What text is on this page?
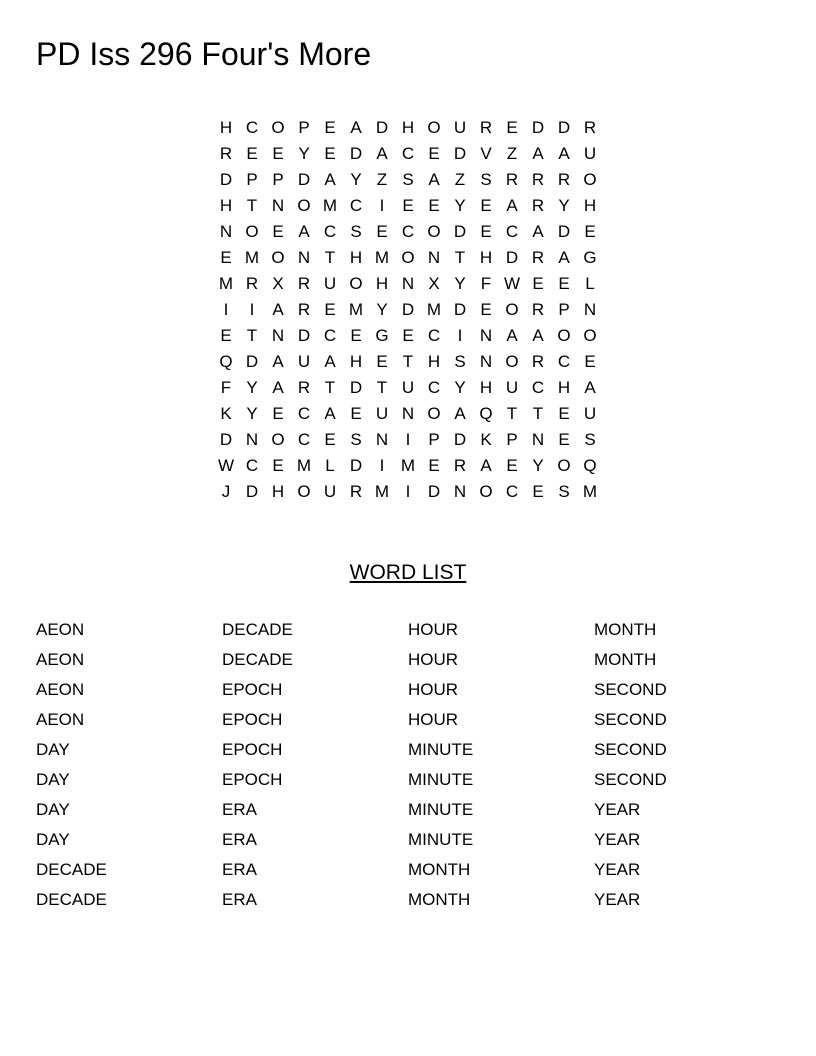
PD Iss 296 Four's More
H	C	O	P	E	A	D	H	O	U	R	E	D	D	R
R	E	E	Y	E	D	A	C	E	D	V	Z	A	A	U
D	P	P	D	A	Y	Z	S	A	Z	S	R	R	R	O
H	T	N	O	M	C	I	E	E	Y	E	A	R	Y	H
N	O	E	A	C	S	E	C	O	D	E	C	A	D	E
E	M	O	N	T	H	M	O	N	T	H	D	R	A	G
M	R	X	R	U	O	H	N	X	Y	F	W	E	E	L
I	I	A	R	E	M	Y	D	M	D	E	O	R	P	N
E	T	N	D	C	E	G	E	C	I	N	A	A	O	O
Q	D	A	U	A	H	E	T	H	S	N	O	R	C	E
F	Y	A	R	T	D	T	U	C	Y	H	U	C	H	A
K	Y	E	C	A	E	U	N	O	A	Q	T	T	E	U
D	N	O	C	E	S	N	I	P	D	K	P	N	E	S
W	C	E	M	L	D	I	M	E	R	A	E	Y	O	Q
J	D	H	O	U	R	M	I	D	N	O	C	E	S	M
WORD LIST
AEON	DECADE	HOUR	MONTH
AEON	DECADE	HOUR	MONTH
AEON	EPOCH	HOUR	SECOND
AEON	EPOCH	HOUR	SECOND
DAY	EPOCH	MINUTE	SECOND
DAY	EPOCH	MINUTE	SECOND
DAY	ERA	MINUTE	YEAR
DAY	ERA	MINUTE	YEAR
DECADE	ERA	MONTH	YEAR
DECADE	ERA	MONTH	YEAR
